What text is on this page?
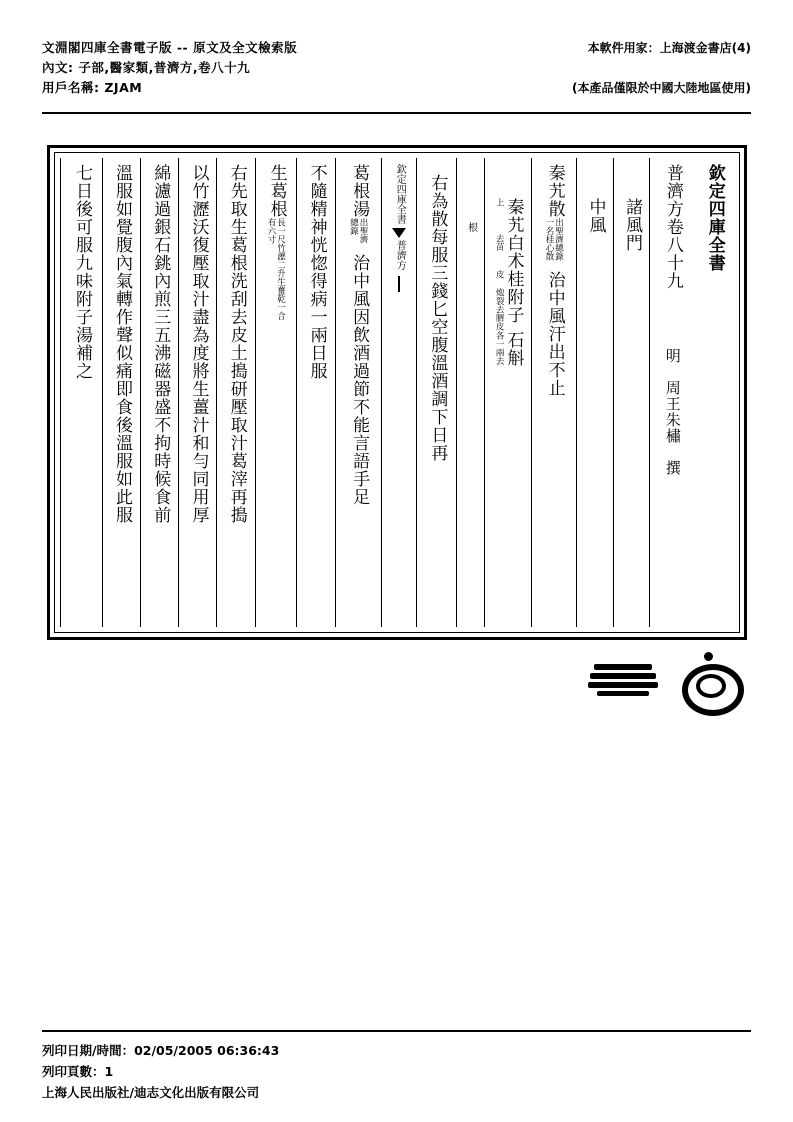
文淵閣四庫全書電子版 -- 原文及全文檢索版
內文: 子部,醫家類,普濟方,卷八十九
用戶名稱: ZJAM
本軟件用家：上海渡金書店(4)
(本產品僅限於中國大陸地區使用)
欽定四庫全書
普濟方卷八十九
明　周王朱橚　撰
諸風門
中風
秦艽散
出聖濟總錄
一名桂心散
治中風汗出不止
秦艽
上
白术
去苗
桂
皮
附子
炮裂去臍皮
石斛
各一兩去
根
右為散每服三錢匕空腹溫酒調下日再
欽定四庫全書
普濟方
葛根湯
出聖濟
總錄
治中風因飲酒過節不能言語手足
不隨精神恍惚得病一兩日服
生葛根
長一尺竹瀝二升生薑乾一合
有六寸
右先取生葛根洗刮去皮土搗研壓取汁葛滓再搗
以竹瀝沃復壓取汁盡為度將生薑汁和勻同用厚
綿濾過銀石銚內煎三五沸磁器盛不拘時候食前
溫服如覺腹內氣轉作聲似痛即食後溫服如此服
七日後可服九味附子湯補之
列印日期/時間：02/05/2005 06:36:43
列印頁數：1
上海人民出版社/迪志文化出版有限公司
